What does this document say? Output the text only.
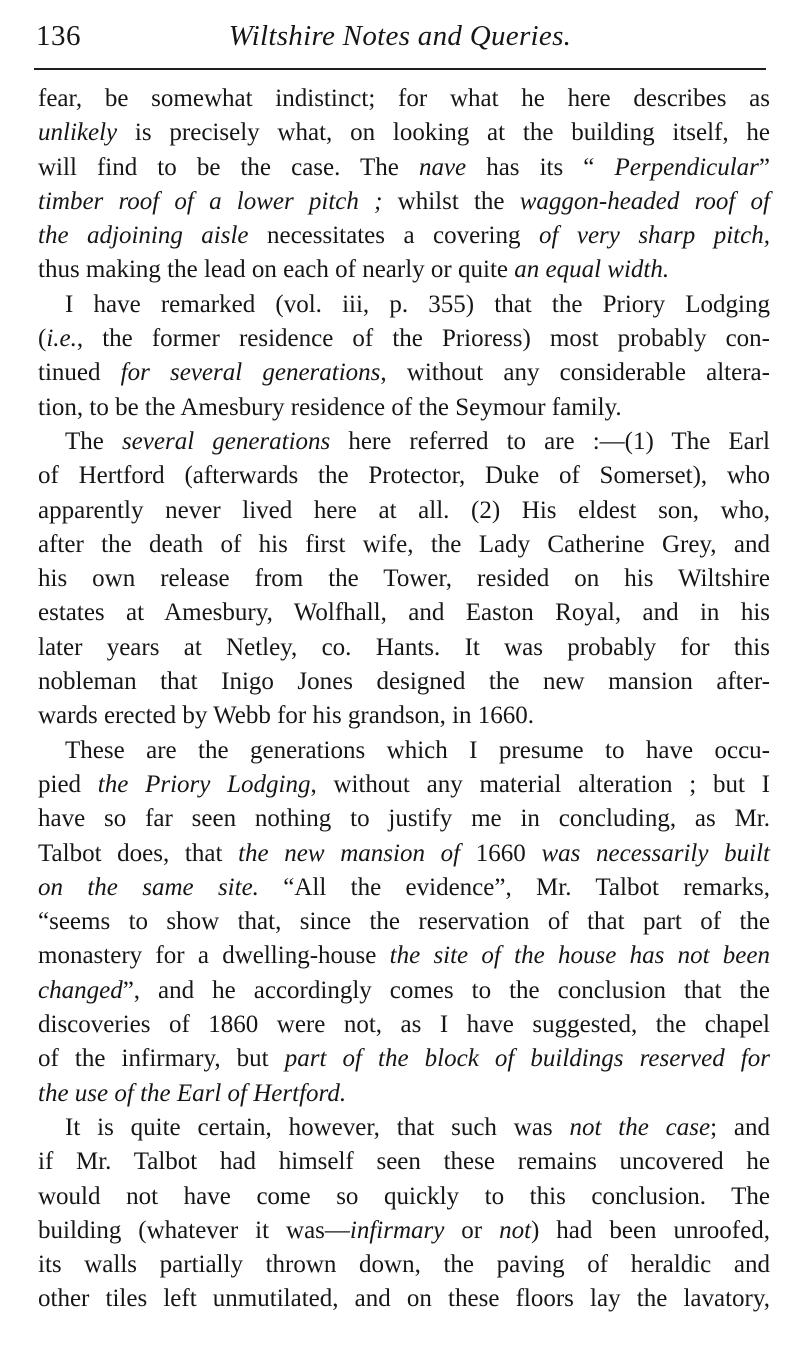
136	Wiltshire Notes and Queries.
fear, be somewhat indistinct; for what he here describes as
unlikely is precisely what, on looking at the building itself, he
will find to be the case. The nave has its “ Perpendicular”
timber roof of a lower pitch ; whilst the waggon-headed roof of
the adjoining aisle necessitates a covering of very sharp pitch,
thus making the lead on each of nearly or quite an equal width.
I have remarked (vol. iii, p. 355) that the Priory Lodging
(i.e., the former residence of the Prioress) most probably con-
tinued for several generations, without any considerable altera-
tion, to be the Amesbury residence of the Seymour family.
The several generations here referred to are :—(1) The Earl
of Hertford (afterwards the Protector, Duke of Somerset), who
apparently never lived here at all. (2) His eldest son, who,
after the death of his first wife, the Lady Catherine Grey, and
his own release from the Tower, resided on his Wiltshire
estates at Amesbury, Wolfhall, and Easton Royal, and in his
later years at Netley, co. Hants. It was probably for this
nobleman that Inigo Jones designed the new mansion after-
wards erected by Webb for his grandson, in 1660.
These are the generations which I presume to have occu-
pied the Priory Lodging, without any material alteration ; but I
have so far seen nothing to justify me in concluding, as Mr.
Talbot does, that the new mansion of 1660 was necessarily built
on the same site. “All the evidence”, Mr. Talbot remarks,
“seems to show that, since the reservation of that part of the
monastery for a dwelling-house the site of the house has not been
changed”, and he accordingly comes to the conclusion that the
discoveries of 1860 were not, as I have suggested, the chapel
of the infirmary, but part of the block of buildings reserved for
the use of the Earl of Hertford.
It is quite certain, however, that such was not the case; and
if Mr. Talbot had himself seen these remains uncovered he
would not have come so quickly to this conclusion. The
building (whatever it was—infirmary or not) had been unroofed,
its walls partially thrown down, the paving of heraldic and
other tiles left unmutilated, and on these floors lay the lavatory,
